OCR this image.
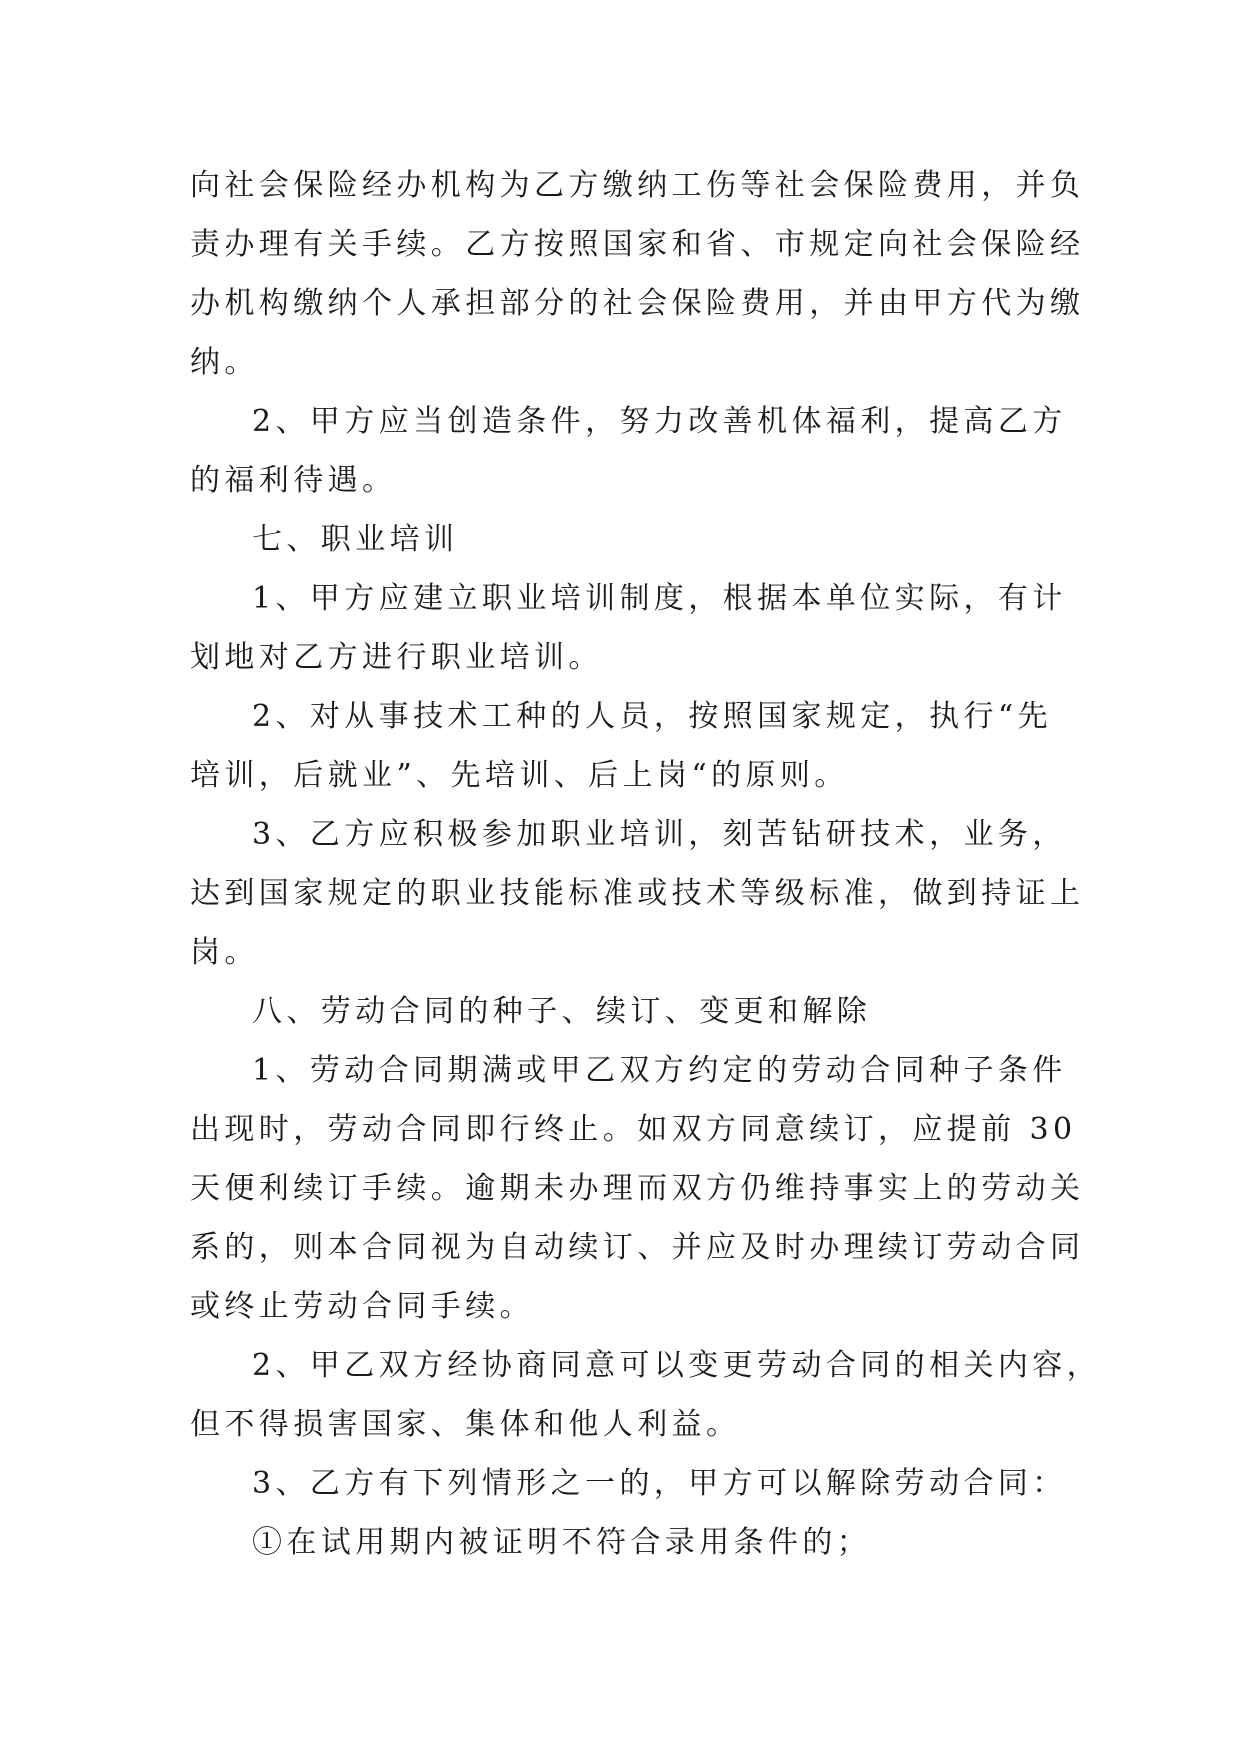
向社会保险经办机构为乙方缴纳工伤等社会保险费用，并负
责办理有关手续。乙方按照国家和省、市规定向社会保险经
办机构缴纳个人承担部分的社会保险费用，并由甲方代为缴
纳。
2、甲方应当创造条件，努力改善机体福利，提高乙方
的福利待遇。
七、职业培训
1、甲方应建立职业培训制度，根据本单位实际，有计
划地对乙方进行职业培训。
2、对从事技术工种的人员，按照国家规定，执行“先
培训，后就业”、先培训、后上岗“的原则。
3、乙方应积极参加职业培训，刻苦钻研技术，业务，
达到国家规定的职业技能标准或技术等级标准，做到持证上
岗。
八、劳动合同的种子、续订、变更和解除
1、劳动合同期满或甲乙双方约定的劳动合同种子条件
出现时，劳动合同即行终止。如双方同意续订，应提前 30
天便利续订手续。逾期未办理而双方仍维持事实上的劳动关
系的，则本合同视为自动续订、并应及时办理续订劳动合同
或终止劳动合同手续。
2、甲乙双方经协商同意可以变更劳动合同的相关内容，
但不得损害国家、集体和他人利益。
3、乙方有下列情形之一的，甲方可以解除劳动合同：
①在试用期内被证明不符合录用条件的；
